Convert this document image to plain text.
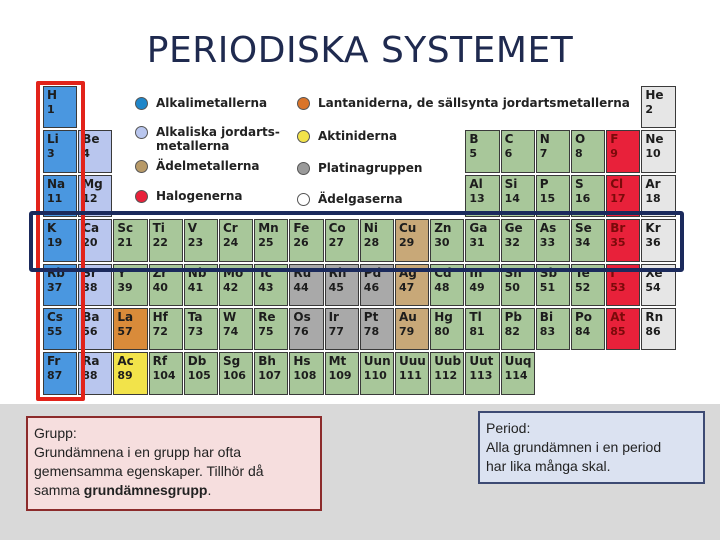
PERIODISKA SYSTEMET
H
1
He
2
Li
3
Be
4
B
5
C
6
N
7
O
8
F
9
Ne
10
Na
11
Mg
12
Al
13
Si
14
P
15
S
16
Cl
17
Ar
18
K
19
Ca
20
Sc
21
Ti
22
V
23
Cr
24
Mn
25
Fe
26
Co
27
Ni
28
Cu
29
Zn
30
Ga
31
Ge
32
As
33
Se
34
Br
35
Kr
36
Rb
37
Sr
38
Y
39
Zr
40
Nb
41
Mo
42
Tc
43
Ru
44
Rh
45
Pd
46
Ag
47
Cd
48
In
49
Sn
50
Sb
51
Te
52
I
53
Xe
54
Cs
55
Ba
56
La
57
Hf
72
Ta
73
W
74
Re
75
Os
76
Ir
77
Pt
78
Au
79
Hg
80
Tl
81
Pb
82
Bi
83
Po
84
At
85
Rn
86
Fr
87
Ra
88
Ac
89
Rf
104
Db
105
Sg
106
Bh
107
Hs
108
Mt
109
Uun
110
Uuu
111
Uub
112
Uut
113
Uuq
114
Alkalimetallerna
Alkaliska jordarts-
metallerna
Ädelmetallerna
Halogenerna
Lantaniderna, de sällsynta jordartsmetallerna
Aktiniderna
Platinagruppen
Ädelgaserna
Grupp:
Grundämnena i en grupp har ofta
gemensamma egenskaper. Tillhör då
samma grundämnesgrupp.
Period:
Alla grundämnen i en period
har lika många skal.
